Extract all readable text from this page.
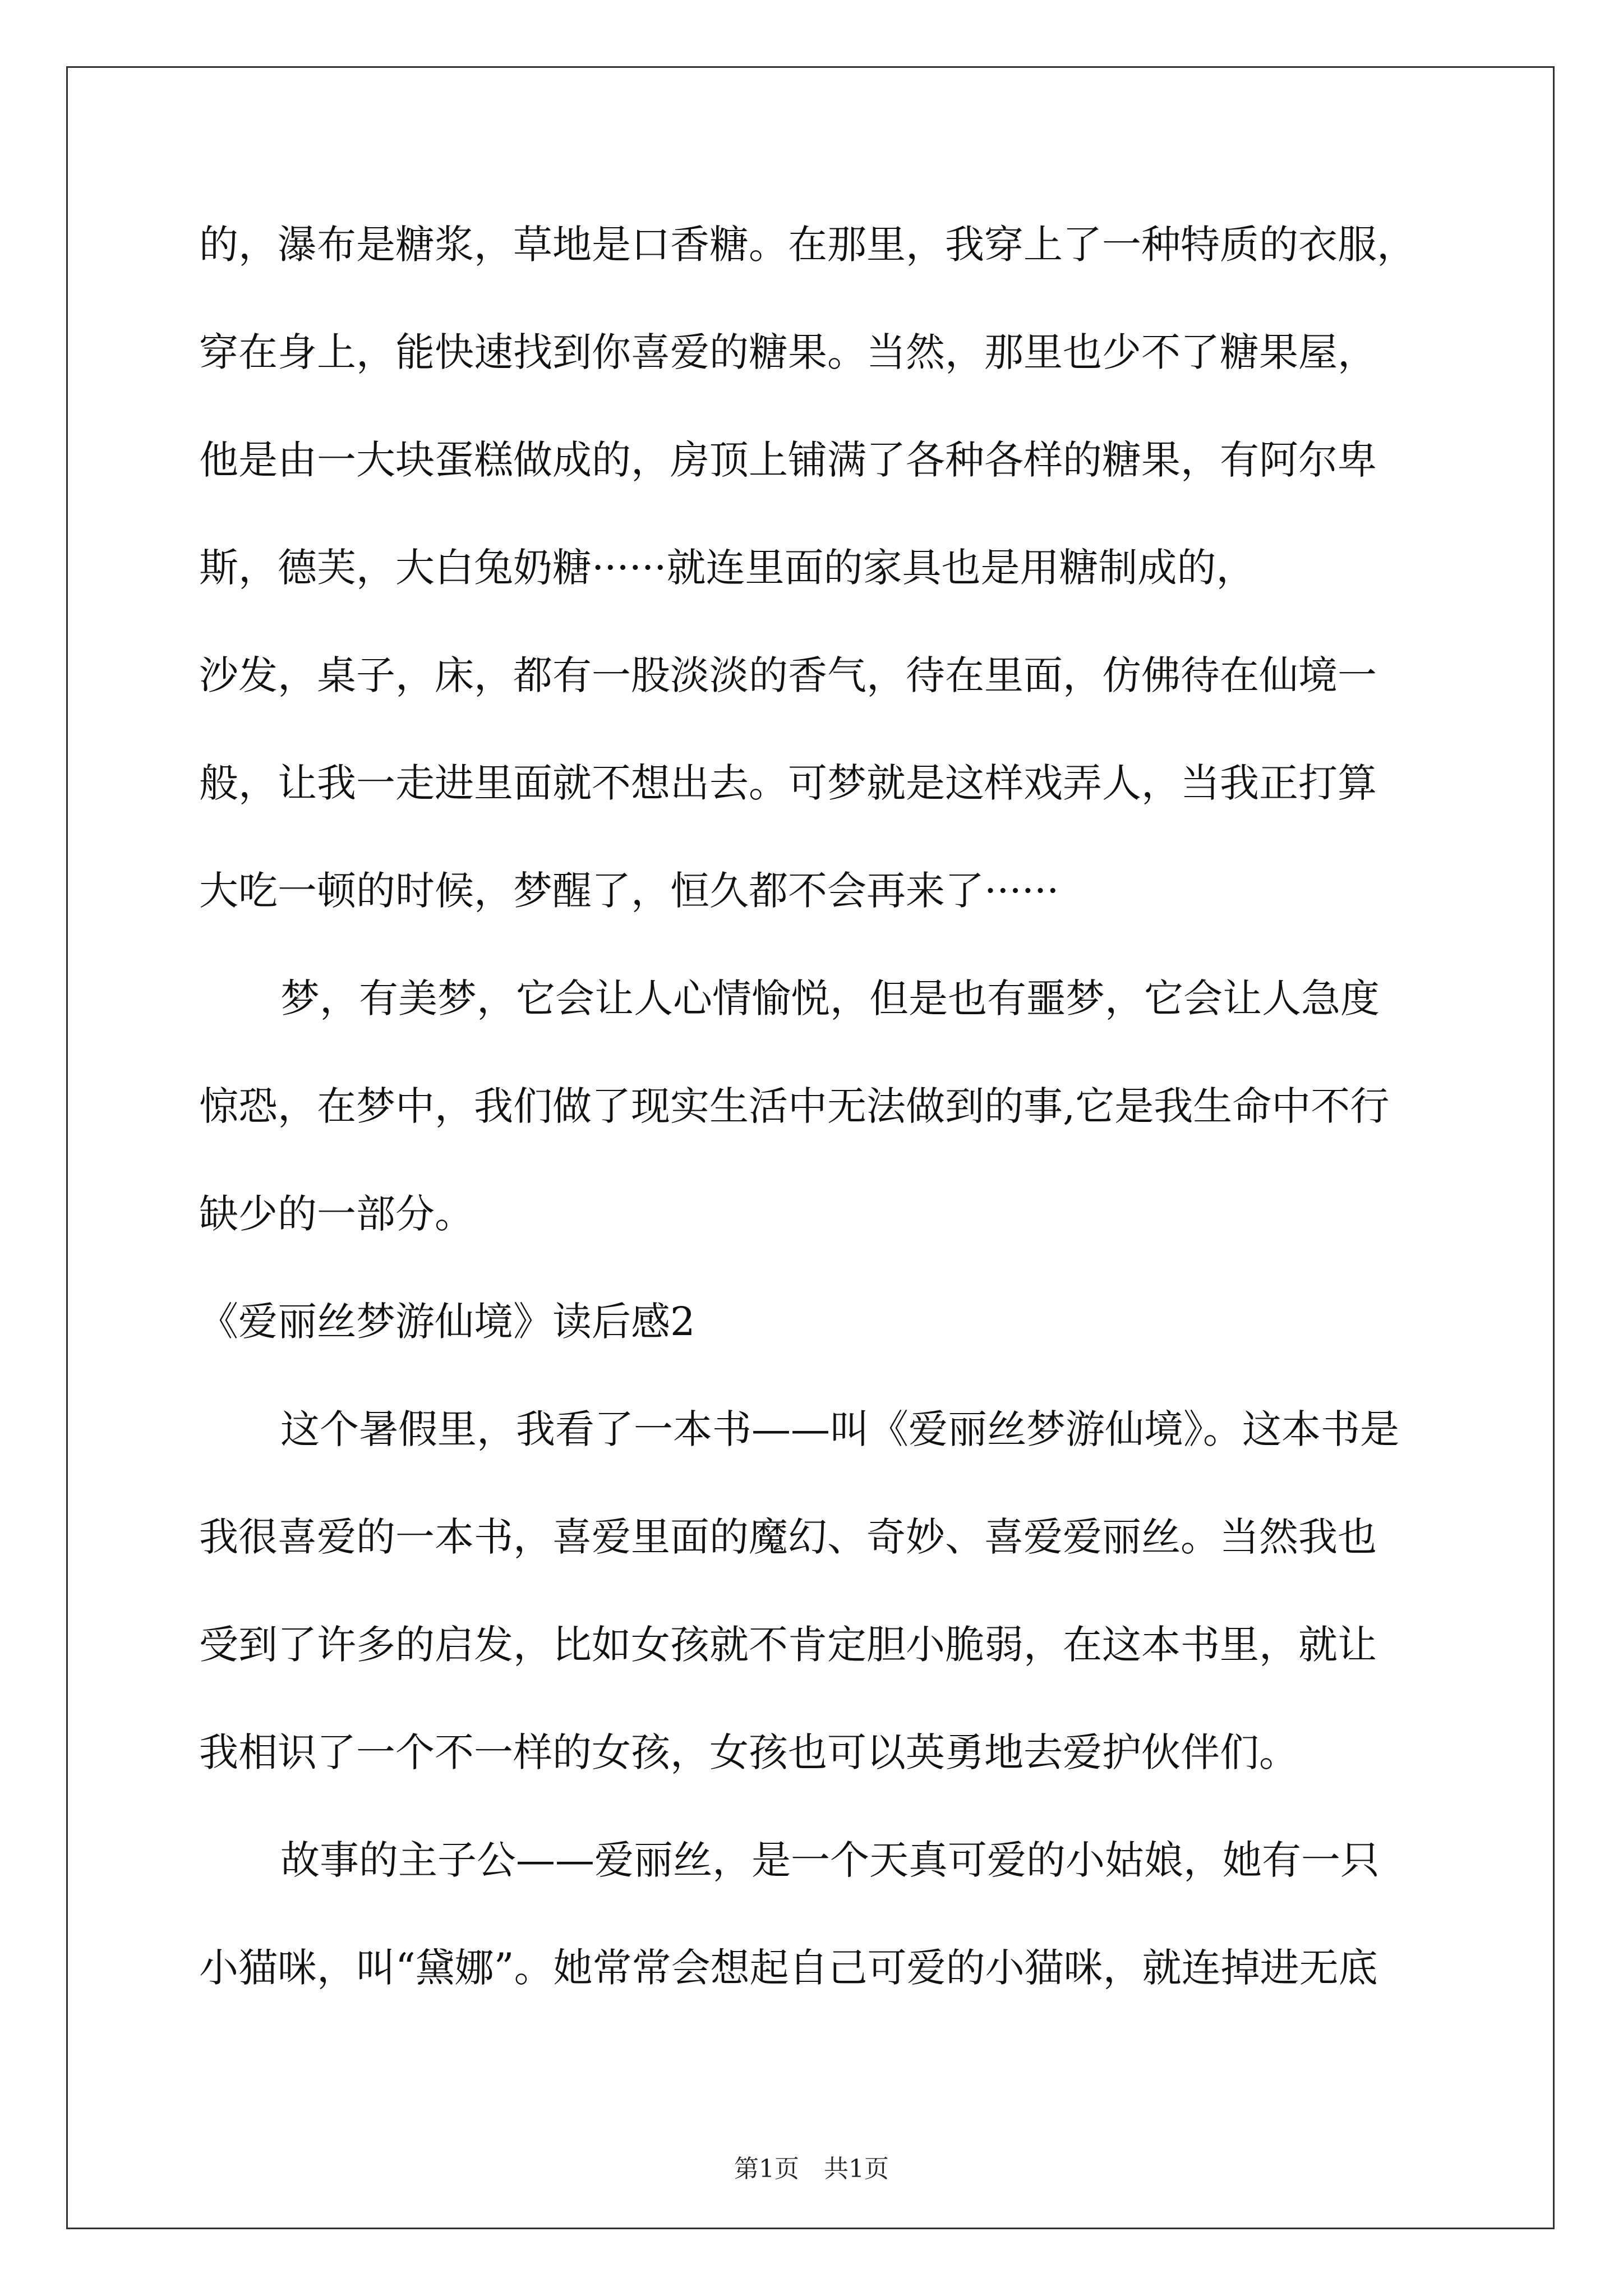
的，瀑布是糖浆，草地是口香糖。在那里，我穿上了一种特质的衣服，
穿在身上，能快速找到你喜爱的糖果。当然，那里也少不了糖果屋，
他是由一大块蛋糕做成的，房顶上铺满了各种各样的糖果，有阿尔卑
斯，德芙，大白兔奶糖······就连里面的家具也是用糖制成的，
沙发，桌子，床，都有一股淡淡的香气，待在里面，仿佛待在仙境一
般，让我一走进里面就不想出去。可梦就是这样戏弄人，当我正打算
大吃一顿的时候，梦醒了，恒久都不会再来了······
梦，有美梦，它会让人心情愉悦，但是也有噩梦，它会让人急度
惊恐，在梦中，我们做了现实生活中无法做到的事,它是我生命中不行
缺少的一部分。
《爱丽丝梦游仙境》读后感2
这个暑假里，我看了一本书——叫《爱丽丝梦游仙境》。这本书是
我很喜爱的一本书，喜爱里面的魔幻、奇妙、喜爱爱丽丝。当然我也
受到了许多的启发，比如女孩就不肯定胆小脆弱，在这本书里，就让
我相识了一个不一样的女孩，女孩也可以英勇地去爱护伙伴们。
故事的主子公——爱丽丝，是一个天真可爱的小姑娘，她有一只
小猫咪，叫“黛娜”。她常常会想起自己可爱的小猫咪，就连掉进无底
第1页　共1页
